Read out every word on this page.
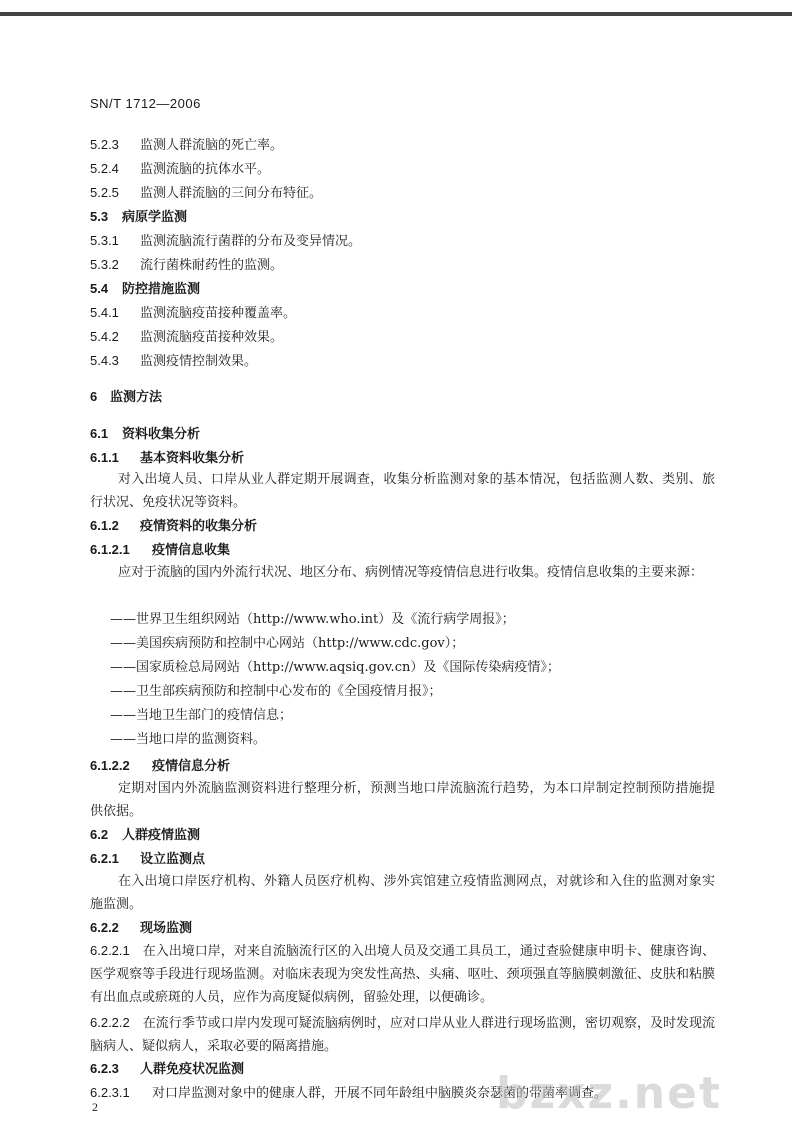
SN/T 1712—2006
5.2.3 监测人群流脑的死亡率。
5.2.4 监测流脑的抗体水平。
5.2.5 监测人群流脑的三间分布特征。
5.3 病原学监测
5.3.1 监测流脑流行菌群的分布及变异情况。
5.3.2 流行菌株耐药性的监测。
5.4 防控措施监测
5.4.1 监测流脑疫苗接种覆盖率。
5.4.2 监测流脑疫苗接种效果。
5.4.3 监测疫情控制效果。
6 监测方法
6.1 资料收集分析
6.1.1 基本资料收集分析
对入出境人员、口岸从业人群定期开展调查，收集分析监测对象的基本情况，包括监测人数、类别、旅行状况、免疫状况等资料。
6.1.2 疫情资料的收集分析
6.1.2.1 疫情信息收集
应对于流脑的国内外流行状况、地区分布、病例情况等疫情信息进行收集。疫情信息收集的主要来源：
——世界卫生组织网站（http://www.who.int）及《流行病学周报》；
——美国疾病预防和控制中心网站（http://www.cdc.gov）；
——国家质检总局网站（http://www.aqsiq.gov.cn）及《国际传染病疫情》；
——卫生部疾病预防和控制中心发布的《全国疫情月报》；
——当地卫生部门的疫情信息；
——当地口岸的监测资料。
6.1.2.2 疫情信息分析
定期对国内外流脑监测资料进行整理分析，预测当地口岸流脑流行趋势，为本口岸制定控制预防措施提供依据。
6.2 人群疫情监测
6.2.1 设立监测点
在入出境口岸医疗机构、外籍人员医疗机构、涉外宾馆建立疫情监测网点，对就诊和入住的监测对象实施监测。
6.2.2 现场监测
6.2.2.1　 在入出境口岸，对来自流脑流行区的入出境人员及交通工具员工，通过查验健康申明卡、健康咨询、医学观察等手段进行现场监测。对临床表现为突发性高热、头痛、呕吐、颈项强直等脑膜刺激征、皮肤和粘膜有出血点或瘀斑的人员，应作为高度疑似病例，留验处理，以便确诊。
6.2.2.2　 在流行季节或口岸内发现可疑流脑病例时，应对口岸从业人群进行现场监测，密切观察，及时发现流脑病人、疑似病人，采取必要的隔离措施。
6.2.3 人群免疫状况监测
6.2.3.1 对口岸监测对象中的健康人群，开展不同年龄组中脑膜炎奈瑟菌的带菌率调查。
2	bzxz.net
